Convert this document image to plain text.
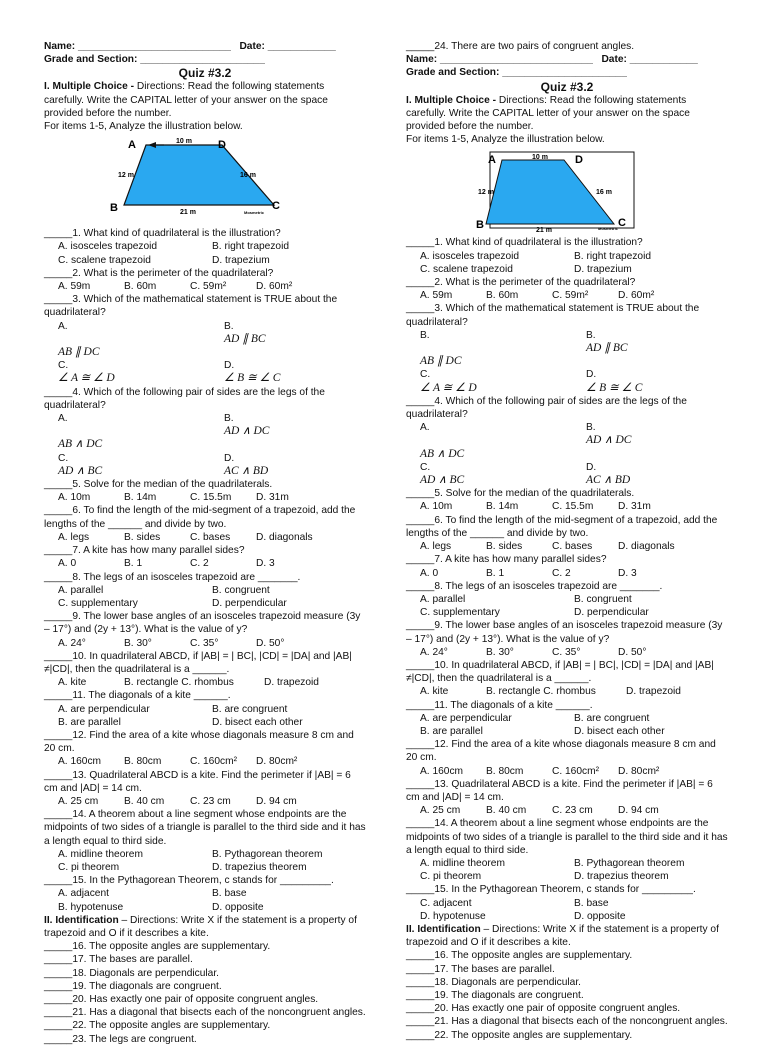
Name: ___________________________ Date: ____________
Grade and Section: ______________________
Quiz #3.2
I. Multiple Choice - Directions: Read the following statements carefully. Write the CAPITAL letter of your answer on the space provided before the number.
For items 1-5, Analyze the illustration below.
A	D
B	C
10 m
12 m	16 m
21 m	Mosmetric
_____1. What kind of quadrilateral is the illustration?
A. isosceles trapezoid	B. right trapezoid
C. scalene trapezoid	D. trapezium
_____2. What is the perimeter of the quadrilateral?
A. 59m	B. 60m	C. 59m²	D. 60m²
_____3. Which of the mathematical statement is TRUE about the quadrilateral?
A.

AB ∥ DC
B.
AD ∥ BC
C.
∠ A ≅ ∠ D
D.
∠ B ≅ ∠ C
_____4. Which of the following pair of sides are the legs of the quadrilateral?
A.

AB ∧ DC
B.
AD ∧ DC
C.
AD ∧ BC
D.
AC ∧ BD
_____5. Solve for the median of the quadrilaterals.
A. 10m	B. 14m	C. 15.5m	D. 31m
_____6. To find the length of the mid-segment of a trapezoid, add the lengths of the ______ and divide by two.
A. legs	B. sides	C. bases	D. diagonals
_____7. A kite has how many parallel sides?
A. 0	B. 1	C. 2	D. 3
_____8. The legs of an isosceles trapezoid are _______.
A. parallel	B. congruent
C. supplementary	D. perpendicular
_____9. The lower base angles of an isosceles trapezoid measure (3y – 17°) and (2y + 13°). What is the value of y?
A. 24°	B. 30°	C. 35°	D. 50°
_____10. In quadrilateral ABCD, if |AB| = | BC|, |CD| = |DA| and |AB|≠|CD|, then the quadrilateral is a ______.
A. kite	B. rectangle C. rhombus	D. trapezoid
_____11. The diagonals of a kite ______.
A. are perpendicular	B. are congruent
B. are parallel	D. bisect each other
_____12. Find the area of a kite whose diagonals measure 8 cm and 20 cm.
A. 160cm	B. 80cm	C. 160cm²	D. 80cm²
_____13. Quadrilateral ABCD is a kite. Find the perimeter if |AB| = 6 cm and |AD| = 14 cm.
A. 25 cm	B. 40 cm	C. 23 cm	D. 94 cm
_____14. A theorem about a line segment whose endpoints are the midpoints of two sides of a triangle is parallel to the third side and it has a length equal to third side.
A. midline theorem	B. Pythagorean theorem
C. pi theorem	D. trapezius theorem
_____15. In the Pythagorean Theorem, c stands for _________.
A. adjacent	B. base
B. hypotenuse	D. opposite
II. Identification – Directions: Write X if the statement is a property of trapezoid and O if it describes a kite.
_____16. The opposite angles are supplementary.
_____17. The bases are parallel.
_____18. Diagonals are perpendicular.
_____19. The diagonals are congruent.
_____20. Has exactly one pair of opposite congruent angles.
_____21. Has a diagonal that bisects each of the noncongruent angles.
_____22. The opposite angles are supplementary.
_____23. The legs are congruent.
_____24. There are two pairs of congruent angles.
Name: ___________________________ Date: ____________
Grade and Section: ______________________
Quiz #3.2
I. Multiple Choice - Directions: Read the following statements carefully. Write the CAPITAL letter of your answer on the space provided before the number.
For items 1-5, Analyze the illustration below.
A	D
B	C
10 m
12 m	16 m
21 m	Mosmetric
_____1. What kind of quadrilateral is the illustration?
A. isosceles trapezoid	B. right trapezoid
C. scalene trapezoid	D. trapezium
_____2. What is the perimeter of the quadrilateral?
A. 59m	B. 60m	C. 59m²	D. 60m²
_____3. Which of the mathematical statement is TRUE about the quadrilateral?
B.

AB ∥ DC
B.
AD ∥ BC
C.
∠ A ≅ ∠ D
D.
∠ B ≅ ∠ C
_____4. Which of the following pair of sides are the legs of the quadrilateral?
A.

AB ∧ DC
B.
AD ∧ DC
C.
AD ∧ BC
D.
AC ∧ BD
_____5. Solve for the median of the quadrilaterals.
A. 10m	B. 14m	C. 15.5m	D. 31m
_____6. To find the length of the mid-segment of a trapezoid, add the lengths of the ______ and divide by two.
A. legs	B. sides	C. bases	D. diagonals
_____7. A kite has how many parallel sides?
A. 0	B. 1	C. 2	D. 3
_____8. The legs of an isosceles trapezoid are _______.
A. parallel	B. congruent
C. supplementary	D. perpendicular
_____9. The lower base angles of an isosceles trapezoid measure (3y – 17°) and (2y + 13°). What is the value of y?
A. 24°	B. 30°	C. 35°	D. 50°
_____10. In quadrilateral ABCD, if |AB| = | BC|, |CD| = |DA| and |AB|≠|CD|, then the quadrilateral is a ______.
A. kite	B. rectangle C. rhombus	D. trapezoid
_____11. The diagonals of a kite ______.
A. are perpendicular	B. are congruent
B. are parallel	D. bisect each other
_____12. Find the area of a kite whose diagonals measure 8 cm and 20 cm.
A. 160cm	B. 80cm	C. 160cm²	D. 80cm²
_____13. Quadrilateral ABCD is a kite. Find the perimeter if |AB| = 6 cm and |AD| = 14 cm.
A. 25 cm	B. 40 cm	C. 23 cm	D. 94 cm
_____14. A theorem about a line segment whose endpoints are the midpoints of two sides of a triangle is parallel to the third side and it has a length equal to third side.
A. midline theorem	B. Pythagorean theorem
C. pi theorem	D. trapezius theorem
_____15. In the Pythagorean Theorem, c stands for _________.
C. adjacent	B. base
D. hypotenuse	D. opposite
II. Identification – Directions: Write X if the statement is a property of trapezoid and O if it describes a kite.
_____16. The opposite angles are supplementary.
_____17. The bases are parallel.
_____18. Diagonals are perpendicular.
_____19. The diagonals are congruent.
_____20. Has exactly one pair of opposite congruent angles.
_____21. Has a diagonal that bisects each of the noncongruent angles.
_____22. The opposite angles are supplementary.
